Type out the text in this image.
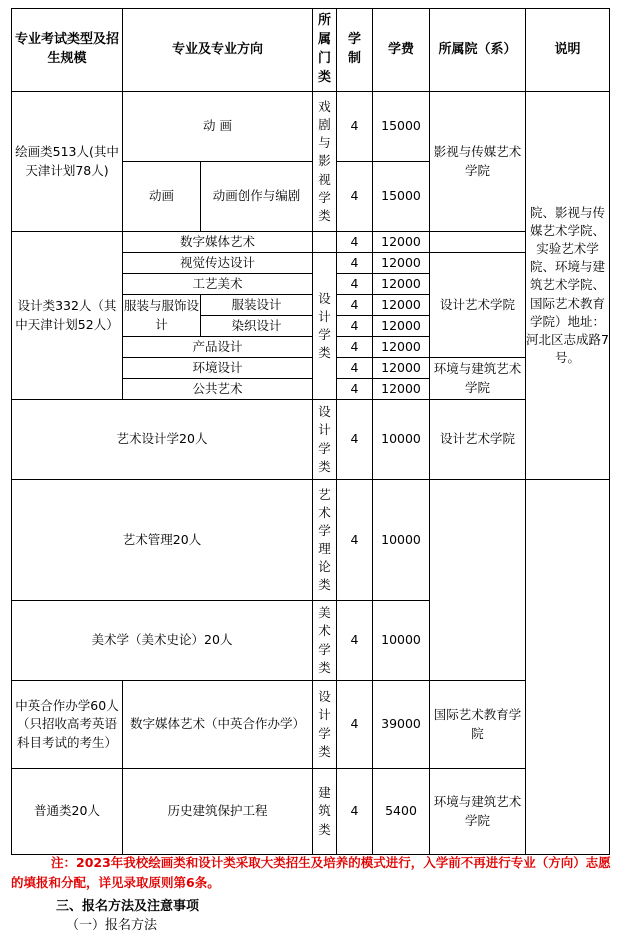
专业考试类型及招生规模	专业及专业方向		所属门类	学制	学费	所属院（系）	说明
绘画类513人(其中天津计划78人)	动 画		戏剧与影视学类	4	15000	影视与传媒艺术学院	院、影视与传媒艺术学院、实验艺术学院、环境与建筑艺术学院、国际艺术教育学院）地址：河北区志成路7号。
	动画	动画创作与编剧		4	15000		
设计类332人（其中天津计划52人）	数字媒体艺术			4	12000		
	视觉传达设计		设计学类	4	12000	设计艺术学院	
	工艺美术			4	12000		
	服装与服饰设计	服装设计		4	12000		
		染织设计		4	12000		
	产品设计			4	12000		
	环境设计			4	12000	环境与建筑艺术学院	
	公共艺术			4	12000		
艺术设计学20人			设计学类	4	10000	设计艺术学院	
艺术管理20人			艺术学理论类	4	10000		
美术学（美术史论）20人			美术学类	4	10000		
中英合作办学60人（只招收高考英语科目考试的考生）	数字媒体艺术（中英合作办学）		设计学类	4	39000	国际艺术教育学院	
普通类20人	历史建筑保护工程		建筑类	4	5400	环境与建筑艺术学院	
注：2023年我校绘画类和设计类采取大类招生及培养的模式进行，入学前不再进行专业（方向）志愿的填报和分配，详见录取原则第6条。
三、报名方法及注意事项
（一）报名方法
